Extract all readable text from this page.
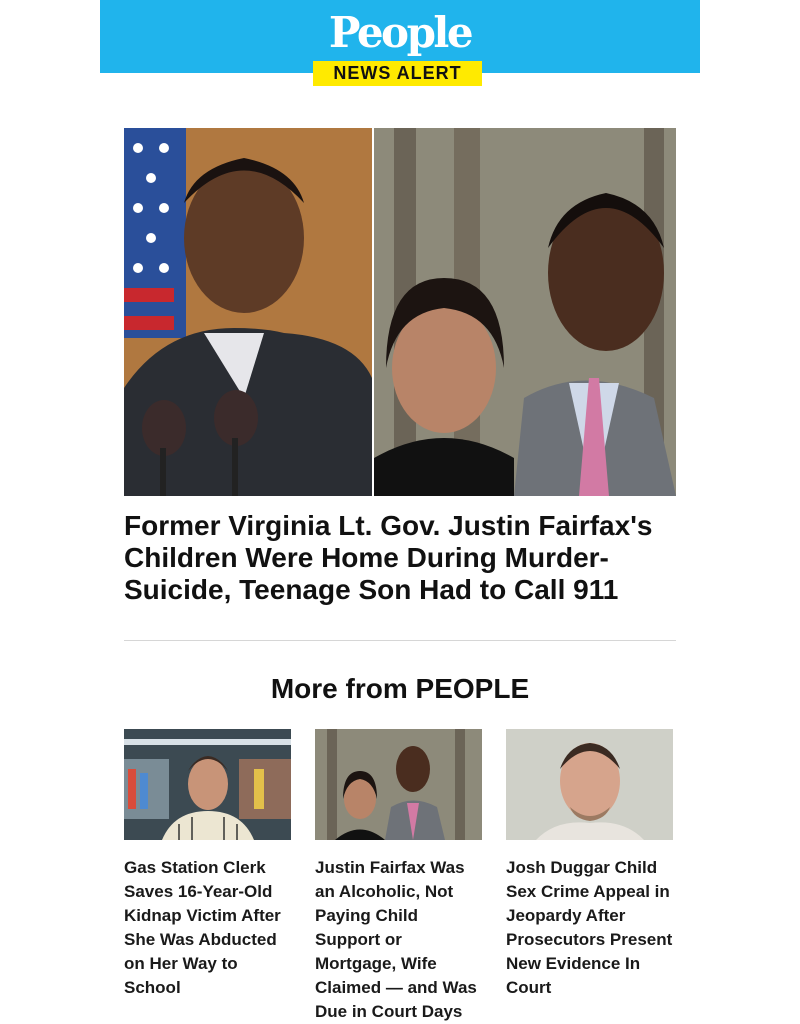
People
NEWS ALERT
Former Virginia Lt. Gov. Justin Fairfax's Children Were Home During Murder-Suicide, Teenage Son Had to Call 911
More from PEOPLE
Gas Station Clerk Saves 16-Year-Old Kidnap Victim After She Was Abducted on Her Way to School
Justin Fairfax Was an Alcoholic, Not Paying Child Support or Mortgage, Wife Claimed — and Was Due in Court Days
Josh Duggar Child Sex Crime Appeal in Jeopardy After Prosecutors Present New Evidence In Court
